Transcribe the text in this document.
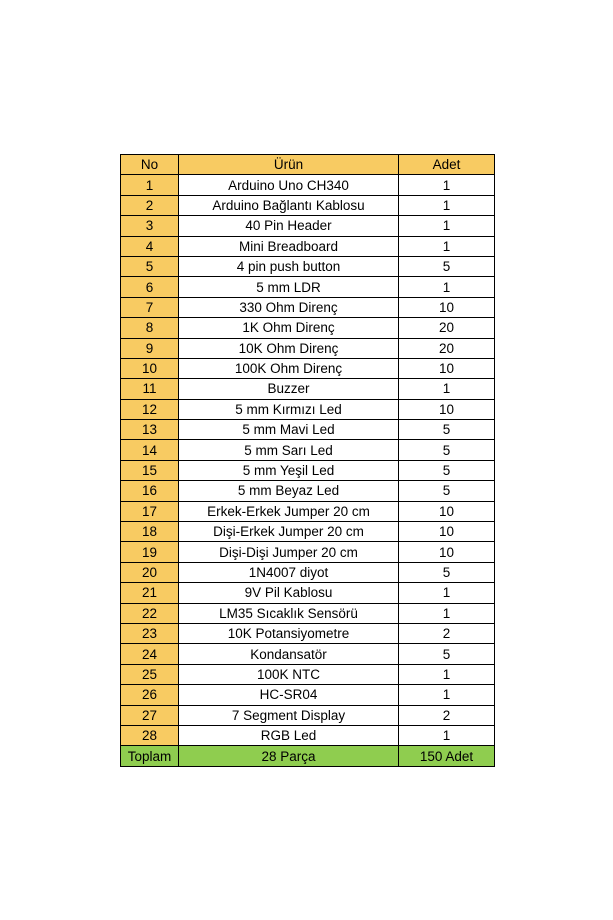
No	Ürün	Adet
1	Arduino Uno CH340	1
2	Arduino Bağlantı Kablosu	1
3	40 Pin Header	1
4	Mini Breadboard	1
5	4 pin push button	5
6	5 mm LDR	1
7	330 Ohm Direnç	10
8	1K Ohm Direnç	20
9	10K Ohm Direnç	20
10	100K Ohm Direnç	10
11	Buzzer	1
12	5 mm Kırmızı Led	10
13	5 mm Mavi Led	5
14	5 mm Sarı Led	5
15	5 mm Yeşil Led	5
16	5 mm Beyaz Led	5
17	Erkek-Erkek Jumper 20 cm	10
18	Dişi-Erkek Jumper 20 cm	10
19	Dişi-Dişi Jumper 20 cm	10
20	1N4007 diyot	5
21	9V Pil Kablosu	1
22	LM35 Sıcaklık Sensörü	1
23	10K Potansiyometre	2
24	Kondansatör	5
25	100K NTC	1
26	HC-SR04	1
27	7 Segment Display	2
28	RGB Led	1
Toplam	28 Parça	150 Adet
